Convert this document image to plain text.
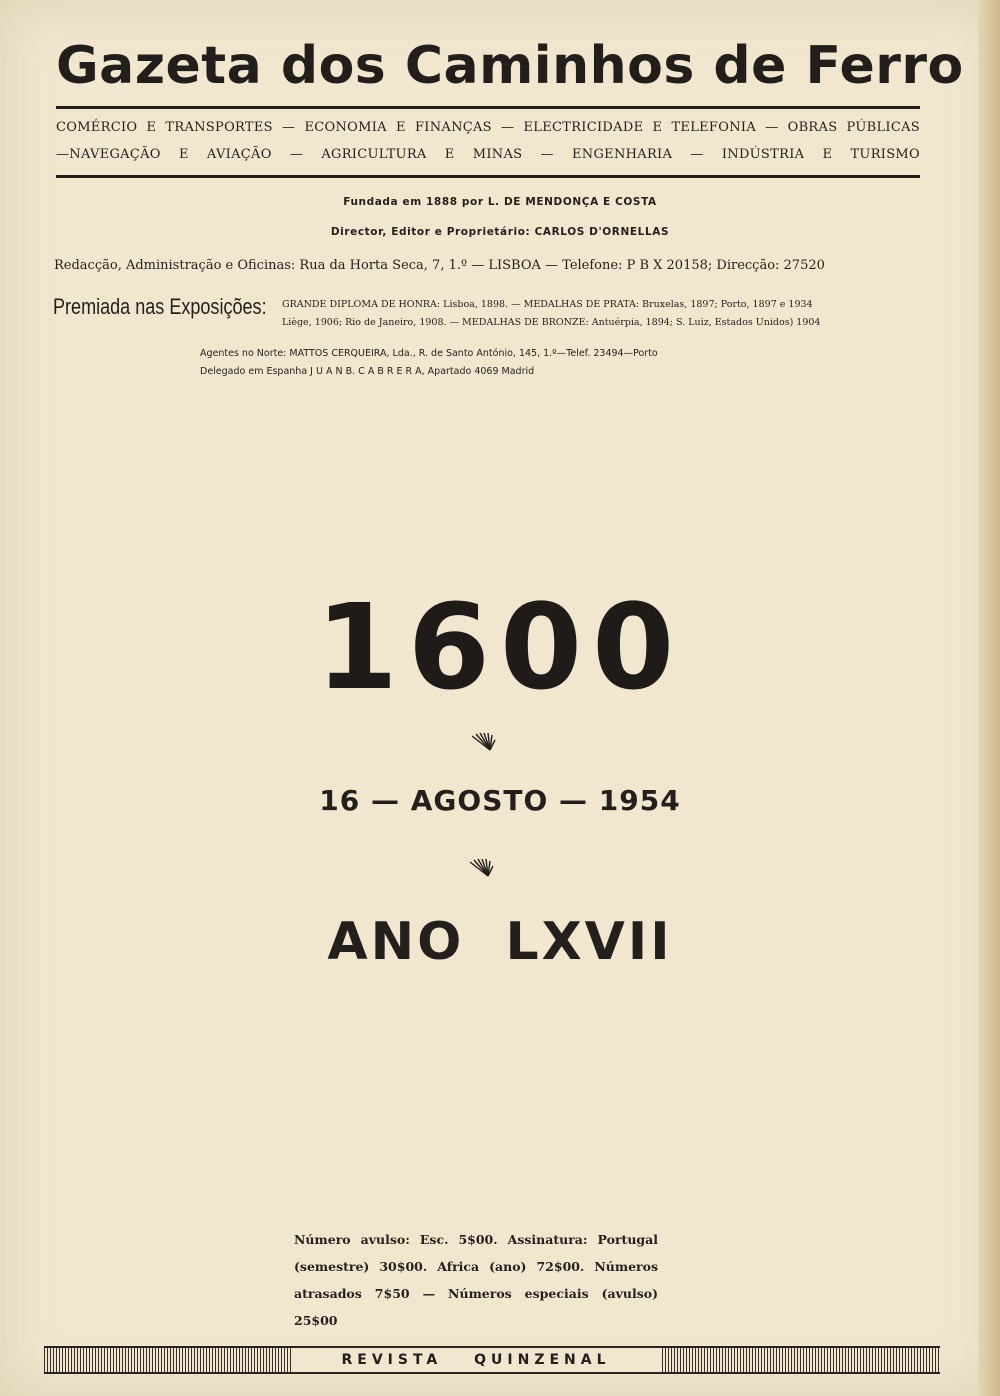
Gazeta dos Caminhos de Ferro
COMÉRCIO E TRANSPORTES — ECONOMIA E FINANÇAS — ELECTRICIDADE E TELEFONIA — OBRAS PÚBLICAS
—NAVEGAÇÃO E AVIAÇÃO — AGRICULTURA E MINAS — ENGENHARIA — INDÚSTRIA E TURISMO
Fundada em 1888 por L. DE MENDONÇA E COSTA
Director, Editor e Proprietário: CARLOS D'ORNELLAS
Redacção, Administração e Oficinas: Rua da Horta Seca, 7, 1.º — LISBOA — Telefone: P B X 20158; Direcção: 27520
Premiada nas Exposições: GRANDE DIPLOMA DE HONRA: Lisboa, 1898. — MEDALHAS DE PRATA: Bruxelas, 1897; Porto, 1897 e 1934
Liège, 1906; Rio de Janeiro, 1908. — MEDALHAS DE BRONZE: Antuérpia, 1894; S. Luiz, Estados Unidos) 1904
Agentes no Norte: MATTOS CERQUEIRA, Lda., R. de Santo António, 145, 1.º—Telef. 23494—Porto
Delegado em Espanha J U A N B. C A B R E R A, Apartado 4069 Madrid
1600
16 — AGOSTO — 1954
ANO LXVII
Número avulso: Esc. 5$00. Assinatura: Portugal (semestre) 30$00. Africa (ano) 72$00. Números atrasados 7$50 — Números especiais (avulso) 25$00
REVISTA QUINZENAL
